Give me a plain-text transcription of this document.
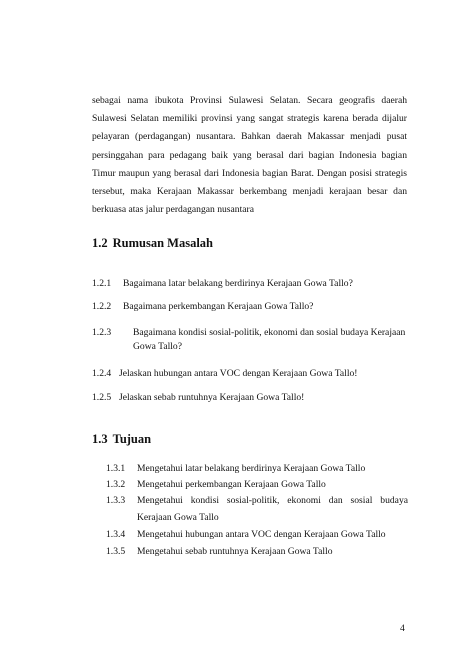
sebagai nama ibukota Provinsi Sulawesi Selatan. Secara geografis daerah
Sulawesi Selatan memiliki provinsi yang sangat strategis karena berada dijalur
pelayaran (perdagangan) nusantara. Bahkan daerah Makassar menjadi pusat
persinggahan para pedagang baik yang berasal dari bagian Indonesia bagian
Timur maupun yang berasal dari Indonesia bagian Barat. Dengan posisi strategis
tersebut, maka Kerajaan Makassar berkembang menjadi kerajaan besar dan
berkuasa atas jalur perdagangan nusantara
1.2 Rumusan Masalah
1.2.1 Bagaimana latar belakang berdirinya Kerajaan Gowa Tallo?
1.2.2 Bagaimana perkembangan Kerajaan Gowa Tallo?
1.2.3 Bagaimana kondisi sosial-politik, ekonomi dan sosial budaya Kerajaan
Gowa Tallo?
1.2.4 Jelaskan hubungan antara VOC dengan Kerajaan Gowa Tallo!
1.2.5 Jelaskan sebab runtuhnya Kerajaan Gowa Tallo!
1.3 Tujuan
1.3.1 Mengetahui latar belakang berdirinya Kerajaan Gowa Tallo
1.3.2 Mengetahui perkembangan Kerajaan Gowa Tallo
1.3.3 Mengetahui kondisi sosial-politik, ekonomi dan sosial budaya
Kerajaan Gowa Tallo
1.3.4 Mengetahui hubungan antara VOC dengan Kerajaan Gowa Tallo
1.3.5 Mengetahui sebab runtuhnya Kerajaan Gowa Tallo
4
